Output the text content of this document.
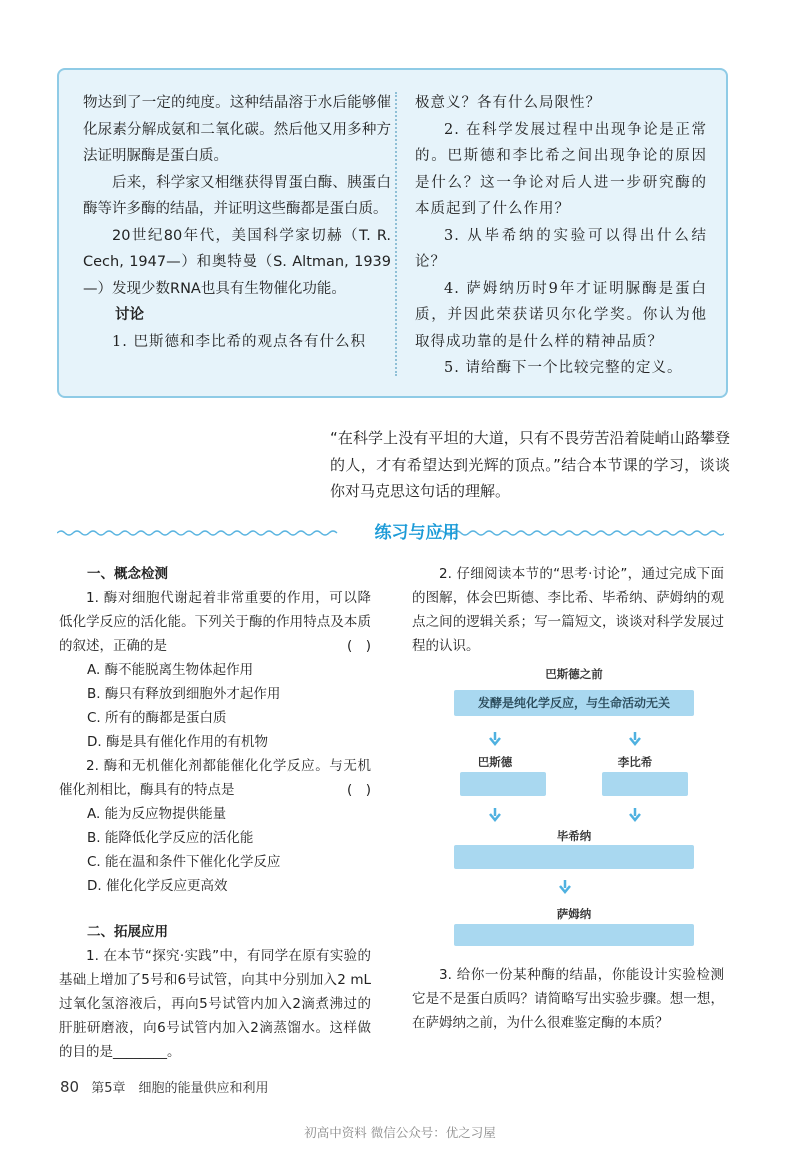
物达到了一定的纯度。这种结晶溶于水后能够催化尿素分解成氨和二氧化碳。然后他又用多种方法证明脲酶是蛋白质。

后来，科学家又相继获得胃蛋白酶、胰蛋白酶等许多酶的结晶，并证明这些酶都是蛋白质。

20世纪80年代，美国科学家切赫（T. R. Cech, 1947—）和奥特曼（S. Altman, 1939—）发现少数RNA也具有生物催化功能。

讨论

1. 巴斯德和李比希的观点各有什么积

极意义？各有什么局限性？

2. 在科学发展过程中出现争论是正常的。巴斯德和李比希之间出现争论的原因是什么？这一争论对后人进一步研究酶的本质起到了什么作用？

3. 从毕希纳的实验可以得出什么结论？

4. 萨姆纳历时9年才证明脲酶是蛋白质，并因此荣获诺贝尔化学奖。你认为他取得成功靠的是什么样的精神品质？

5. 请给酶下一个比较完整的定义。

“在科学上没有平坦的大道，只有不畏劳苦沿着陡峭山路攀登的人，才有希望达到光辉的顶点。”结合本节课的学习，谈谈你对马克思这句话的理解。

练习与应用

一、概念检测

1. 酶对细胞代谢起着非常重要的作用，可以降低化学反应的活化能。下列关于酶的作用特点及本质的叙述，正确的是	(　)

A. 酶不能脱离生物体起作用

B. 酶只有释放到细胞外才起作用

C. 所有的酶都是蛋白质

D. 酶是具有催化作用的有机物

2. 酶和无机催化剂都能催化化学反应。与无机催化剂相比，酶具有的特点是	(　)

A. 能为反应物提供能量

B. 能降低化学反应的活化能

C. 能在温和条件下催化化学反应

D. 催化化学反应更高效

二、拓展应用

1. 在本节“探究·实践”中，有同学在原有实验的基础上增加了5号和6号试管，向其中分别加入2 mL过氧化氢溶液后，再向5号试管内加入2滴煮沸过的肝脏研磨液，向6号试管内加入2滴蒸馏水。这样做的目的是________。

2. 仔细阅读本节的“思考·讨论”，通过完成下面的图解，体会巴斯德、李比希、毕希纳、萨姆纳的观点之间的逻辑关系；写一篇短文，谈谈对科学发展过程的认识。

巴斯德之前
发酵是纯化学反应，与生命活动无关
巴斯德	李比希
毕希纳
萨姆纳

3. 给你一份某种酶的结晶，你能设计实验检测它是不是蛋白质吗？请简略写出实验步骤。想一想，在萨姆纳之前，为什么很难鉴定酶的本质？

80 第5章　细胞的能量供应和利用
初高中资料 微信公众号：优之习屋
